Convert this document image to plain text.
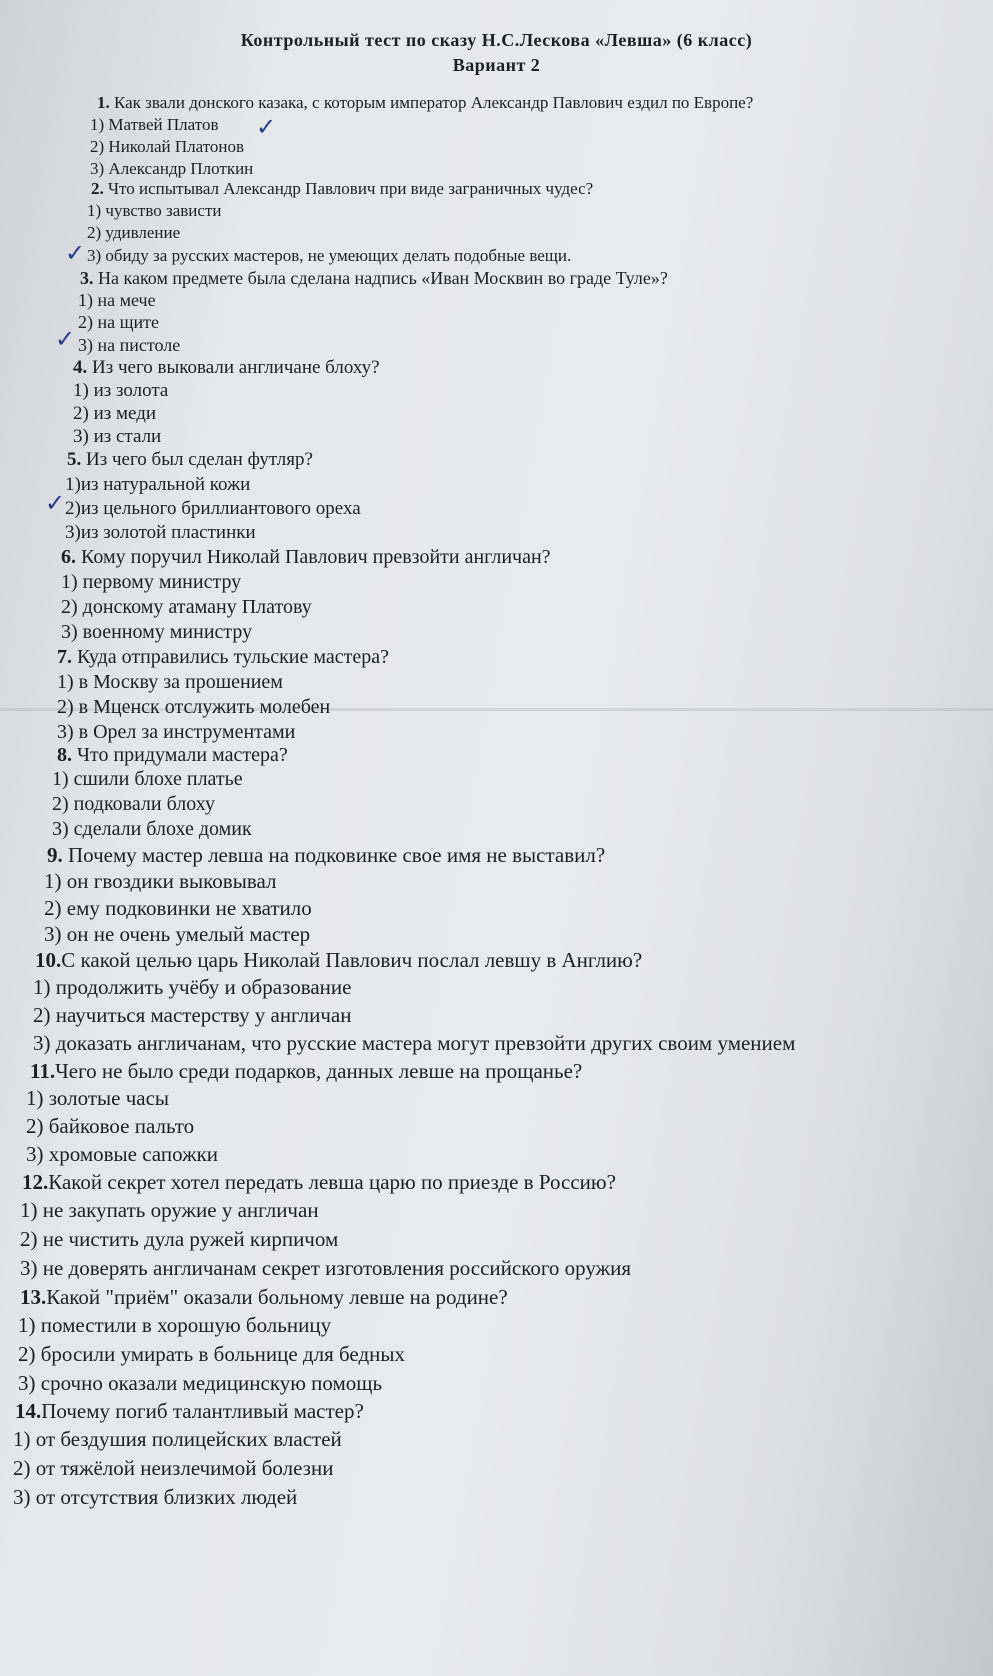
Контрольный тест по сказу Н.С.Лескова «Левша» (6 класс)
Вариант 2
1. Как звали донского казака, с которым император Александр Павлович ездил по Европе?
1) Матвей Платов
2) Николай Платонов
3) Александр Плоткин
2. Что испытывал Александр Павлович при виде заграничных чудес?
1) чувство зависти
2) удивление
3) обиду за русских мастеров, не умеющих делать подобные вещи.
3. На каком предмете была сделана надпись «Иван Москвин во граде Туле»?
1) на мече
2) на щите
3) на пистоле
4. Из чего выковали англичане блоху?
1) из золота
2) из меди
3) из стали
5. Из чего был сделан футляр?
1)из натуральной кожи
2)из цельного бриллиантового ореха
3)из золотой пластинки
6. Кому поручил Николай Павлович превзойти англичан?
1) первому министру
2) донскому атаману Платову
3) военному министру
7. Куда отправились тульские мастера?
1) в Москву за прошением
2) в Мценск отслужить молебен
3) в Орел за инструментами
8. Что придумали мастера?
1) сшили блохе платье
2) подковали блоху
3) сделали блохе домик
9. Почему мастер левша на подковинке свое имя не выставил?
1) он гвоздики выковывал
2) ему подковинки не хватило
3) он не очень умелый мастер
10.С какой целью царь Николай Павлович послал левшу в Англию?
1) продолжить учёбу и образование
2) научиться мастерству у англичан
3) доказать англичанам, что русские мастера могут превзойти других своим умением
11.Чего не было среди подарков, данных левше на прощанье?
1) золотые часы
2) байковое пальто
3) хромовые сапожки
12.Какой секрет хотел передать левша царю по приезде в Россию?
1) не закупать оружие у англичан
2) не чистить дула ружей кирпичом
3) не доверять англичанам секрет изготовления российского оружия
13.Какой "приём" оказали больному левше на родине?
1) поместили в хорошую больницу
2) бросили умирать в больнице для бедных
3) срочно оказали медицинскую помощь
14.Почему погиб талантливый мастер?
1) от бездушия полицейских властей
2) от тяжёлой неизлечимой болезни
3) от отсутствия близких людей
✓
✓
✓
✓
